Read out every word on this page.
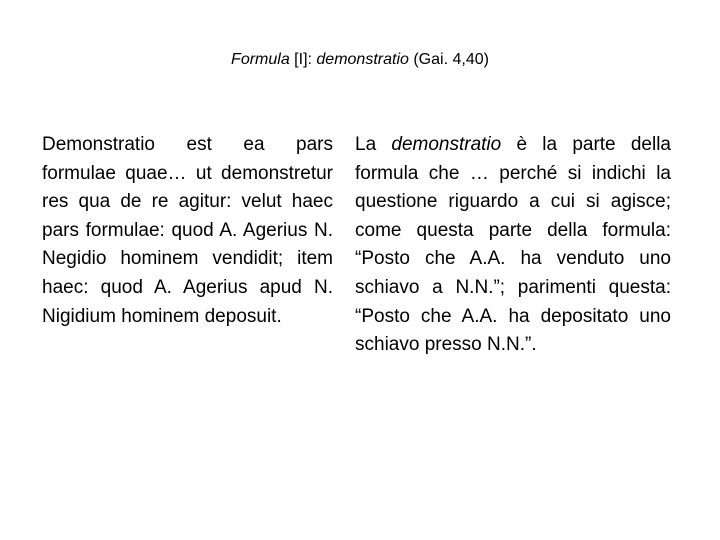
Formula [I]: demonstratio (Gai. 4,40)
Demonstratio est ea pars formulae quae… ut demonstretur res qua de re agitur: velut haec pars formulae: quod A. Agerius N. Negidio hominem vendidit; item haec: quod A. Agerius apud N. Nigidium hominem deposuit.
La demonstratio è la parte della formula che … perché si indichi la questione riguardo a cui si agisce; come questa parte della formula: “Posto che A.A. ha venduto uno schiavo a N.N.”; parimenti questa: “Posto che A.A. ha depositato uno schiavo presso N.N.”.
